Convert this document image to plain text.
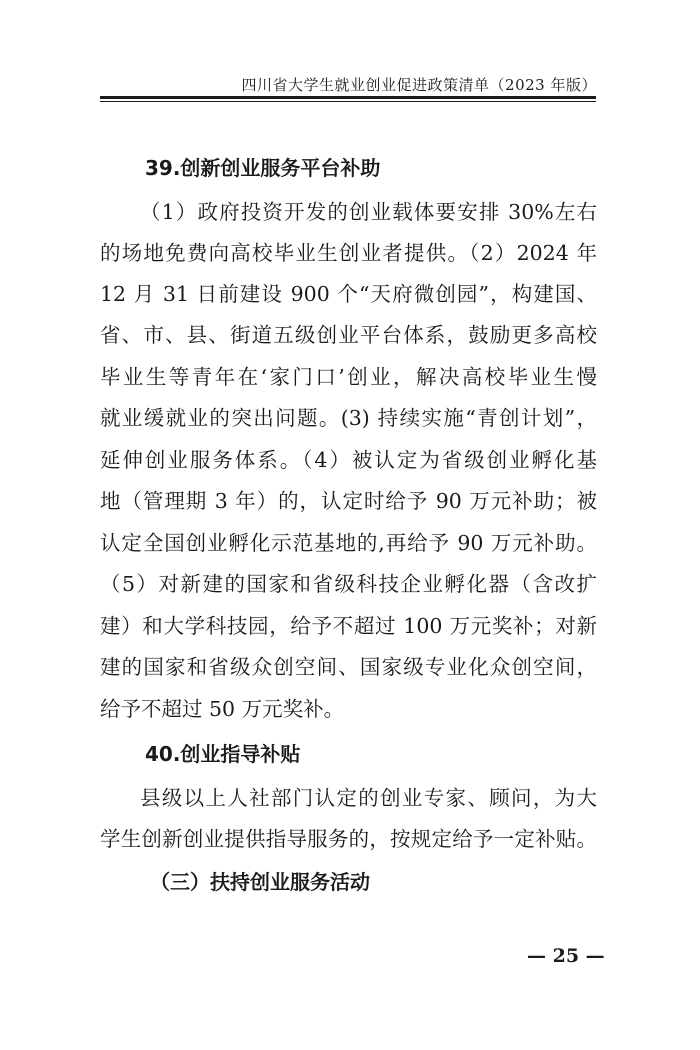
四川省大学生就业创业促进政策清单（2023 年版）
39.创新创业服务平台补助
（1）政府投资开发的创业载体要安排 30%左右
的场地免费向高校毕业生创业者提供。（2）2024 年
12 月 31 日前建设 900 个“天府微创园”，构建国、
省、市、县、街道五级创业平台体系，鼓励更多高校
毕业生等青年在‘家门口’创业，解决高校毕业生慢
就业缓就业的突出问题。(3) 持续实施“青创计划”，
延伸创业服务体系。（4）被认定为省级创业孵化基
地（管理期 3 年）的，认定时给予 90 万元补助；被
认定全国创业孵化示范基地的,再给予 90 万元补助。
（5）对新建的国家和省级科技企业孵化器（含改扩
建）和大学科技园，给予不超过 100 万元奖补；对新
建的国家和省级众创空间、国家级专业化众创空间，
给予不超过 50 万元奖补。
40.创业指导补贴
县级以上人社部门认定的创业专家、顾问，为大
学生创新创业提供指导服务的，按规定给予一定补贴。
（三）扶持创业服务活动
— 25 —
